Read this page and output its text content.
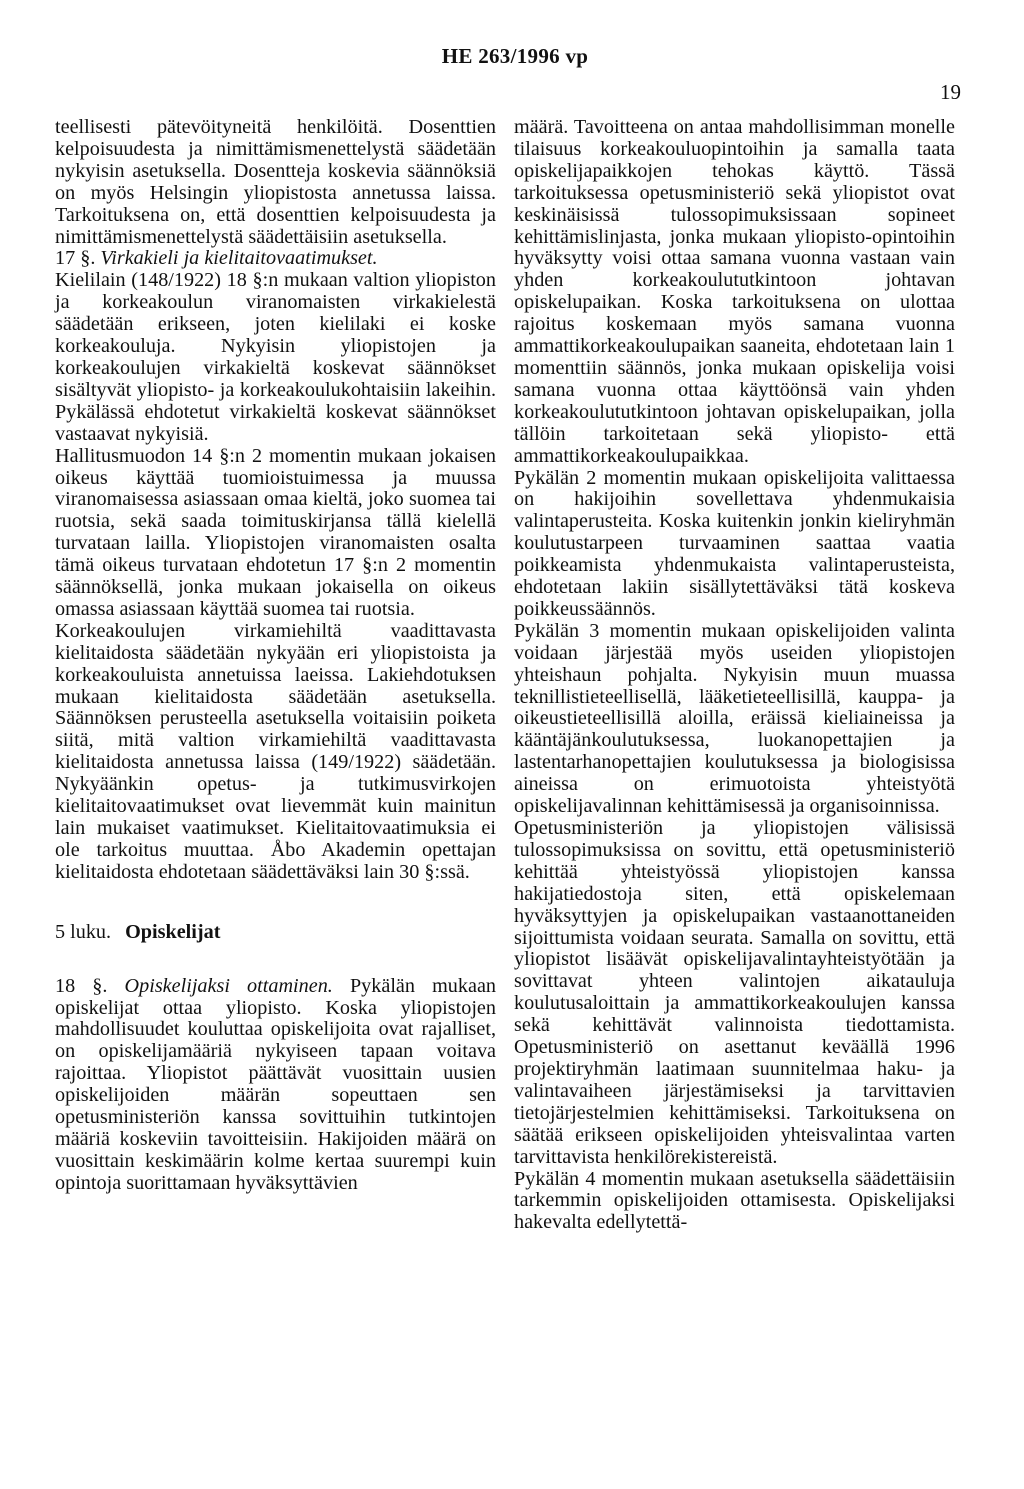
HE 263/1996 vp
19

teellisesti pätevöityneitä henkilöitä. Dosenttien kelpoisuudesta ja nimittämismenettelystä säädetään nykyisin asetuksella. Dosentteja koskevia säännöksiä on myös Helsingin yliopistosta annetussa laissa. Tarkoituksena on, että dosenttien kelpoisuudesta ja nimittämismenettelystä säädettäisiin asetuksella.

17 §. Virkakieli ja kielitaitovaatimukset.

Kielilain (148/1922) 18 §:n mukaan valtion yliopiston ja korkeakoulun viranomaisten virkakielestä säädetään erikseen, joten kielilaki ei koske korkeakouluja. Nykyisin yliopistojen ja korkeakoulujen virkakieltä koskevat säännökset sisältyvät yliopisto- ja korkeakoulukohtaisiin lakeihin. Pykälässä ehdotetut virkakieltä koskevat säännökset vastaavat nykyisiä.

Hallitusmuodon 14 §:n 2 momentin mukaan jokaisen oikeus käyttää tuomioistuimessa ja muussa viranomaisessa asiassaan omaa kieltä, joko suomea tai ruotsia, sekä saada toimituskirjansa tällä kielellä turvataan lailla. Yliopistojen viranomaisten osalta tämä oikeus turvataan ehdotetun 17 §:n 2 momentin säännöksellä, jonka mukaan jokaisella on oikeus omassa asiassaan käyttää suomea tai ruotsia.

Korkeakoulujen virkamiehiltä vaadittavasta kielitaidosta säädetään nykyään eri yliopistoista ja korkeakouluista annetuissa laeissa. Lakiehdotuksen mukaan kielitaidosta säädetään asetuksella. Säännöksen perusteella asetuksella voitaisiin poiketa siitä, mitä valtion virkamiehiltä vaadittavasta kielitaidosta annetussa laissa (149/1922) säädetään. Nykyäänkin opetus- ja tutkimusvirkojen kielitaitovaatimukset ovat lievemmät kuin mainitun lain mukaiset vaatimukset. Kielitaitovaatimuksia ei ole tarkoitus muuttaa. Åbo Akademin opettajan kielitaidosta ehdotetaan säädettäväksi lain 30 §:ssä.

5 luku. Opiskelijat

18 §. Opiskelijaksi ottaminen. Pykälän mukaan opiskelijat ottaa yliopisto. Koska yliopistojen mahdollisuudet kouluttaa opiskelijoita ovat rajalliset, on opiskelijamääriä nykyiseen tapaan voitava rajoittaa. Yliopistot päättävät vuosittain uusien opiskelijoiden määrän sopeuttaen sen opetusministeriön kanssa sovittuihin tutkintojen määriä koskeviin tavoitteisiin. Hakijoiden määrä on vuosittain keskimäärin kolme kertaa suurempi kuin opintoja suorittamaan hyväksyttävien

määrä. Tavoitteena on antaa mahdollisimman monelle tilaisuus korkeakouluopintoihin ja samalla taata opiskelijapaikkojen tehokas käyttö. Tässä tarkoituksessa opetusministeriö sekä yliopistot ovat keskinäisissä tulossopimuksissaan sopineet kehittämislinjasta, jonka mukaan yliopisto-opintoihin hyväksytty voisi ottaa samana vuonna vastaan vain yhden korkeakoulututkintoon johtavan opiskelupaikan. Koska tarkoituksena on ulottaa rajoitus koskemaan myös samana vuonna ammattikorkeakoulupaikan saaneita, ehdotetaan lain 1 momenttiin säännös, jonka mukaan opiskelija voisi samana vuonna ottaa käyttöönsä vain yhden korkeakoulututkintoon johtavan opiskelupaikan, jolla tällöin tarkoitetaan sekä yliopisto- että ammattikorkeakoulupaikkaa.

Pykälän 2 momentin mukaan opiskelijoita valittaessa on hakijoihin sovellettava yhdenmukaisia valintaperusteita. Koska kuitenkin jonkin kieliryhmän koulutustarpeen turvaaminen saattaa vaatia poikkeamista yhdenmukaista valintaperusteista, ehdotetaan lakiin sisällytettäväksi tätä koskeva poikkeussäännös.

Pykälän 3 momentin mukaan opiskelijoiden valinta voidaan järjestää myös useiden yliopistojen yhteishaun pohjalta. Nykyisin muun muassa teknillistieteellisellä, lääketieteellisillä, kauppa- ja oikeustieteellisillä aloilla, eräissä kieliaineissa ja kääntäjänkoulutuksessa, luokanopettajien ja lastentarhanopettajien koulutuksessa ja biologisissa aineissa on erimuotoista yhteistyötä opiskelijavalinnan kehittämisessä ja organisoinnissa.

Opetusministeriön ja yliopistojen välisissä tulossopimuksissa on sovittu, että opetusministeriö kehittää yhteistyössä yliopistojen kanssa hakijatiedostoja siten, että opiskelemaan hyväksyttyjen ja opiskelupaikan vastaanottaneiden sijoittumista voidaan seurata. Samalla on sovittu, että yliopistot lisäävät opiskelijavalintayhteistyötään ja sovittavat yhteen valintojen aikatauluja koulutusaloittain ja ammattikorkeakoulujen kanssa sekä kehittävät valinnoista tiedottamista. Opetusministeriö on asettanut keväällä 1996 projektiryhmän laatimaan suunnitelmaa haku- ja valintavaiheen järjestämiseksi ja tarvittavien tietojärjestelmien kehittämiseksi. Tarkoituksena on säätää erikseen opiskelijoiden yhteisvalintaa varten tarvittavista henkilörekistereistä.

Pykälän 4 momentin mukaan asetuksella säädettäisiin tarkemmin opiskelijoiden ottamisesta. Opiskelijaksi hakevalta edellytettä-
